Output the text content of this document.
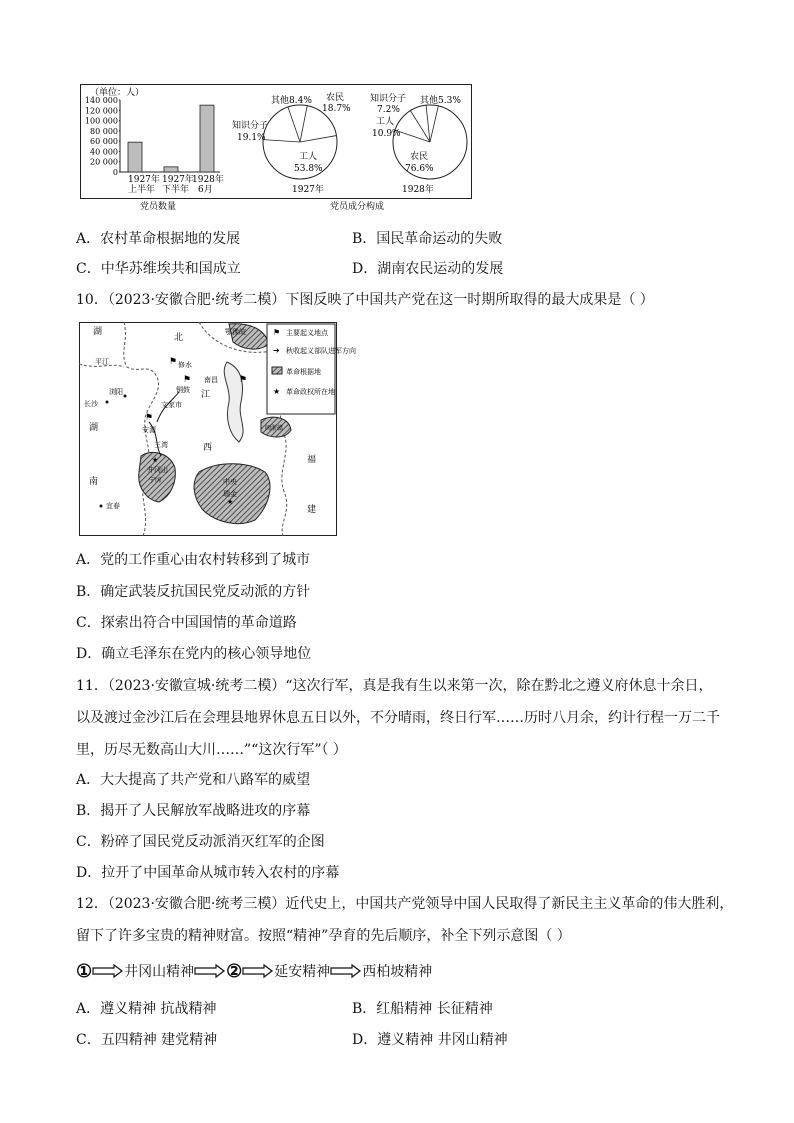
（单位：人）
140 000
120 000
100 000
80 000
60 000
40 000
20 000
0
1927年
上半年
1927年
下半年
1928年
6月
其他8.4% 农民
18.7%
知识分子
19.1%
工人
53.8%
1927年
知识分子
7.2%
其他5.3%
工人
10.9%
农民
76.6%
1928年
党员数量	党员成分构成
A．农村革命根据地的发展	B．国民革命运动的失败
C．中华苏维埃共和国成立	D．湖南农民运动的发展
10．（2023·安徽合肥·统考二模）下图反映了中国共产党在这一时期所取得的最大成果是（ ）
⚑ 主要起义地点
➔ 秋收起义部队进军方向
革命根据地
★ 革命政权所在地
湖
北
湖
南
江
西
福
建
鄂豫皖
浏阳
长沙
平江	修水
铜鼓
文家市
安源
三湾
井冈山
宁冈
宜春
南昌
中央
瑞金
闽浙赣
⚑
⚑	⚑
⚑
★
★
A．党的工作重心由农村转移到了城市
B．确定武装反抗国民党反动派的方针
C．探索出符合中国国情的革命道路
D．确立毛泽东在党内的核心领导地位
11．（2023·安徽宣城·统考二模）“这次行军，真是我有生以来第一次，除在黔北之遵义府休息十余日，以及渡过金沙江后在会理县地界休息五日以外，不分晴雨，终日行军……历时八月余，约计行程一万二千里，历尽无数高山大川……”“这次行军”（ ）
A．大大提高了共产党和八路军的威望
B．揭开了人民解放军战略进攻的序幕
C．粉碎了国民党反动派消灭红军的企图
D．拉开了中国革命从城市转入农村的序幕
12．（2023·安徽合肥·统考三模）近代史上，中国共产党领导中国人民取得了新民主主义革命的伟大胜利，留下了许多宝贵的精神财富。按照“精神”孕育的先后顺序，补全下列示意图（ ）
① 井冈山精神 ② 延安精神 西柏坡精神
A．遵义精神 抗战精神	B．红船精神 长征精神
C．五四精神 建党精神	D．遵义精神 井冈山精神
